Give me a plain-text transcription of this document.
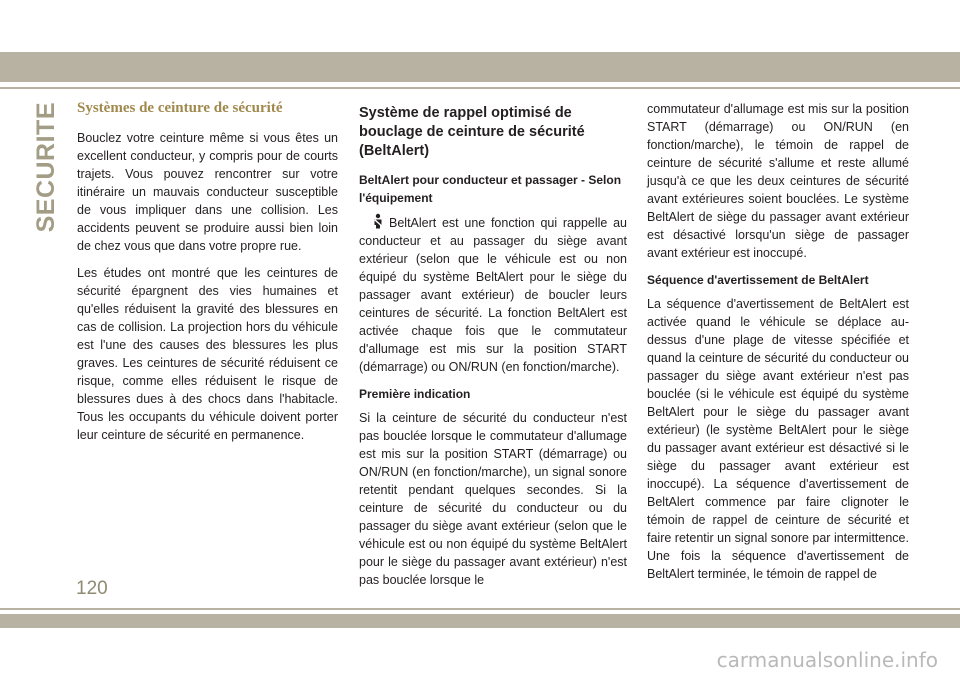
SECURITE Systèmes de ceinture de sécurité

Bouclez votre ceinture même si vous êtes un excellent conducteur, y compris pour de courts trajets. Vous pouvez rencontrer sur votre itinéraire un mauvais conducteur susceptible de vous impliquer dans une collision. Les accidents peuvent se produire aussi bien loin de chez vous que dans votre propre rue.

Les études ont montré que les ceintures de sécurité épargnent des vies humaines et qu'elles réduisent la gravité des blessures en cas de collision. La projection hors du véhicule est l'une des causes des blessures les plus graves. Les ceintures de sécurité réduisent ce risque, comme elles réduisent le risque de blessures dues à des chocs dans l'habitacle. Tous les occupants du véhicule doivent porter leur ceinture de sécurité en permanence.

Système de rappel optimisé de bouclage de ceinture de sécurité (BeltAlert)
BeltAlert pour conducteur et passager - Selon l'équipement

BeltAlert est une fonction qui rappelle au conducteur et au passager du siège avant extérieur (selon que le véhicule est ou non équipé du système BeltAlert pour le siège du passager avant extérieur) de boucler leurs ceintures de sécurité. La fonction BeltAlert est activée chaque fois que le commutateur d'allumage est mis sur la position START (démarrage) ou ON/RUN (en fonction/marche).

Première indication

Si la ceinture de sécurité du conducteur n'est pas bouclée lorsque le commutateur d'allumage est mis sur la position START (démarrage) ou ON/RUN (en fonction/marche), un signal sonore retentit pendant quelques secondes. Si la ceinture de sécurité du conducteur ou du passager du siège avant extérieur (selon que le véhicule est ou non équipé du système BeltAlert pour le siège du passager avant extérieur) n'est pas bouclée lorsque le

commutateur d'allumage est mis sur la position START (démarrage) ou ON/RUN (en fonction/marche), le témoin de rappel de ceinture de sécurité s'allume et reste allumé jusqu'à ce que les deux ceintures de sécurité avant extérieures soient bouclées. Le système BeltAlert de siège du passager avant extérieur est désactivé lorsqu'un siège de passager avant extérieur est inoccupé.

Séquence d'avertissement de BeltAlert

La séquence d'avertissement de BeltAlert est activée quand le véhicule se déplace au-dessus d'une plage de vitesse spécifiée et quand la ceinture de sécurité du conducteur ou passager du siège avant extérieur n'est pas bouclée (si le véhicule est équipé du système BeltAlert pour le siège du passager avant extérieur) (le système BeltAlert pour le siège du passager avant extérieur est désactivé si le siège du passager avant extérieur est inoccupé). La séquence d'avertissement de BeltAlert commence par faire clignoter le témoin de rappel de ceinture de sécurité et faire retentir un signal sonore par intermittence. Une fois la séquence d'avertissement de BeltAlert terminée, le témoin de rappel de

120
carmanualsonline.info
